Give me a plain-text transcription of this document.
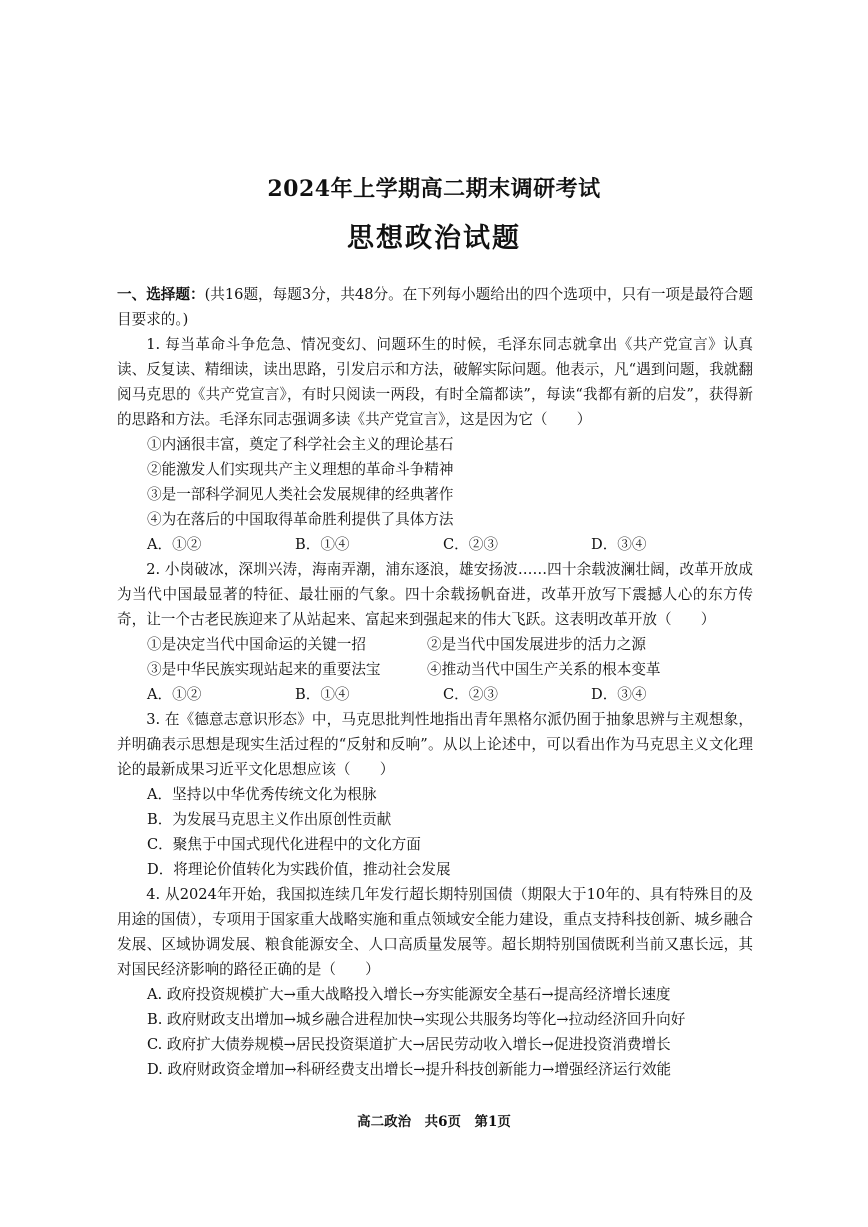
2024年上学期高二期末调研考试
思想政治试题

一、选择题：(共16题，每题3分，共48分。在下列每小题给出的四个选项中，只有一项是最符合题目要求的。)

1. 每当革命斗争危急、情况变幻、问题环生的时候，毛泽东同志就拿出《共产党宣言》认真读、反复读、精细读，读出思路，引发启示和方法，破解实际问题。他表示，凡“遇到问题，我就翻阅马克思的《共产党宣言》，有时只阅读一两段，有时全篇都读”，每读“我都有新的启发”，获得新的思路和方法。毛泽东同志强调多读《共产党宣言》，这是因为它（　　）

①内涵很丰富，奠定了科学社会主义的理论基石

②能激发人们实现共产主义理想的革命斗争精神

③是一部科学洞见人类社会发展规律的经典著作

④为在落后的中国取得革命胜利提供了具体方法

A．①②	B．①④	C．②③	D．③④

2. 小岗破冰，深圳兴涛，海南弄潮，浦东逐浪，雄安扬波……四十余载波澜壮阔，改革开放成为当代中国最显著的特征、最壮丽的气象。四十余载扬帆奋进，改革开放写下震撼人心的东方传奇，让一个古老民族迎来了从站起来、富起来到强起来的伟大飞跃。这表明改革开放（　　）

①是决定当代中国命运的关键一招	②是当代中国发展进步的活力之源
③是中华民族实现站起来的重要法宝	④推动当代中国生产关系的根本变革
A．①②	B．①④	C．②③	D．③④

3. 在《德意志意识形态》中，马克思批判性地指出青年黑格尔派仍囿于抽象思辨与主观想象，并明确表示思想是现实生活过程的“反射和反响”。从以上论述中，可以看出作为马克思主义文化理论的最新成果习近平文化思想应该（　　）

A．坚持以中华优秀传统文化为根脉

B．为发展马克思主义作出原创性贡献

C．聚焦于中国式现代化进程中的文化方面

D．将理论价值转化为实践价值，推动社会发展

4. 从2024年开始，我国拟连续几年发行超长期特别国债（期限大于10年的、具有特殊目的及用途的国债），专项用于国家重大战略实施和重点领域安全能力建设，重点支持科技创新、城乡融合发展、区域协调发展、粮食能源安全、人口高质量发展等。超长期特别国债既利当前又惠长远，其对国民经济影响的路径正确的是（　　）

A. 政府投资规模扩大→重大战略投入增长→夯实能源安全基石→提高经济增长速度

B. 政府财政支出增加→城乡融合进程加快→实现公共服务均等化→拉动经济回升向好

C. 政府扩大债券规模→居民投资渠道扩大→居民劳动收入增长→促进投资消费增长

D. 政府财政资金增加→科研经费支出增长→提升科技创新能力→增强经济运行效能

高二政治　共6页　第1页
